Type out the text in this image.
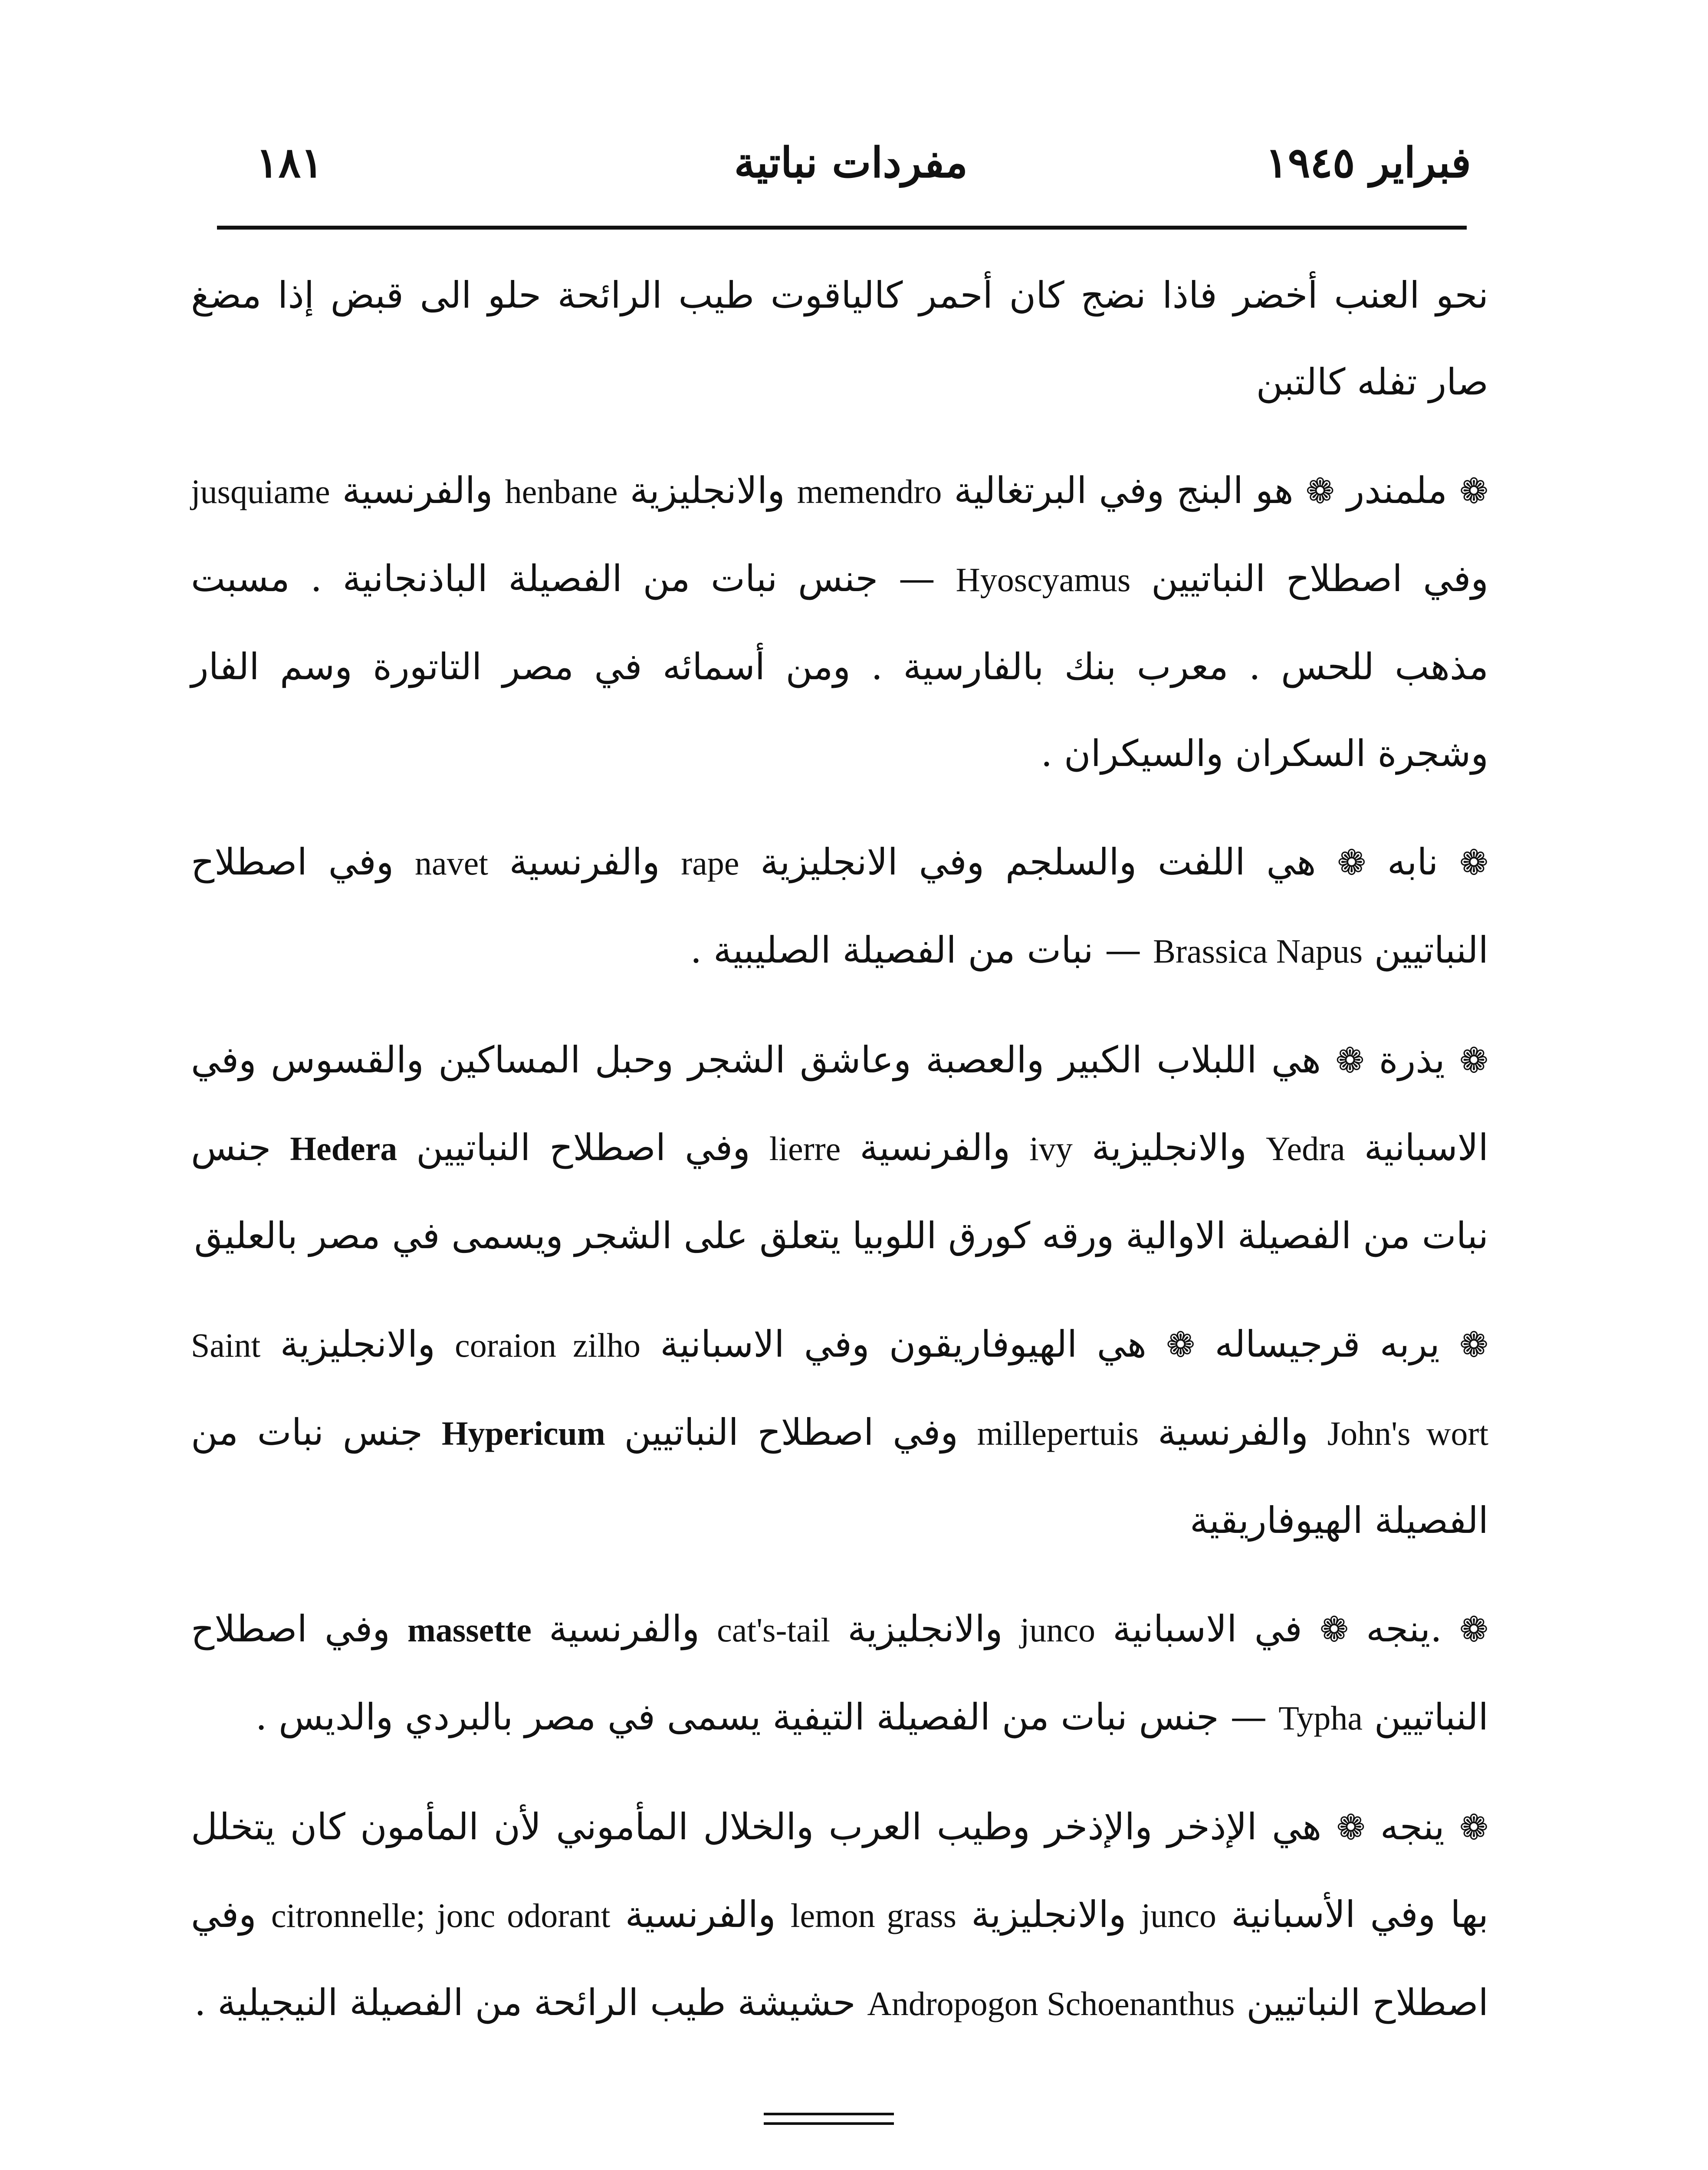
فبراير ١٩٤٥
مفردات نباتية
١٨١

نحو العنب أخضر فاذا نضج كان أحمر كالياقوت طيب الرائحة حلو الى قبض إذا مضغ صار تفله كالتبن

❁ ملمندر ❁ هو البنج وفي البرتغالية memendro والانجليزية henbane والفرنسية jusquiame وفي اصطلاح النباتيين Hyoscyamus — جنس نبات من الفصيلة الباذنجانية . مسبت مذهب للحس . معرب بنك بالفارسية . ومن أسمائه في مصر التاتورة وسم الفار وشجرة السكران والسيكران .

❁ نابه ❁ هي اللفت والسلجم وفي الانجليزية rape والفرنسية navet وفي اصطلاح النباتيين Brassica Napus — نبات من الفصيلة الصليبية .

❁ يذرة ❁ هي اللبلاب الكبير والعصبة وعاشق الشجر وحبل المساكين والقسوس وفي الاسبانية Yedra والانجليزية ivy والفرنسية lierre وفي اصطلاح النباتيين Hedera جنس نبات من الفصيلة الاوالية ورقه كورق اللوبيا يتعلق على الشجر ويسمى في مصر بالعليق

❁ يربه قرجيساله ❁ هي الهيوفاريقون وفي الاسبانية coraion zilho والانجليزية Saint John's wort والفرنسية millepertuis وفي اصطلاح النباتيين Hypericum جنس نبات من الفصيلة الهيوفاريقية

❁ .ينجه ❁ في الاسبانية junco والانجليزية cat's-tail والفرنسية massette وفي اصطلاح النباتيين Typha — جنس نبات من الفصيلة التيفية يسمى في مصر بالبردي والديس .

❁ ينجه ❁ هي الإذخر والإذخر وطيب العرب والخلال المأموني لأن المأمون كان يتخلل بها وفي الأسبانية junco والانجليزية lemon grass والفرنسية citronnelle; jonc odorant وفي اصطلاح النباتيين Andropogon Schoenanthus حشيشة طيب الرائحة من الفصيلة النيجيلية .
